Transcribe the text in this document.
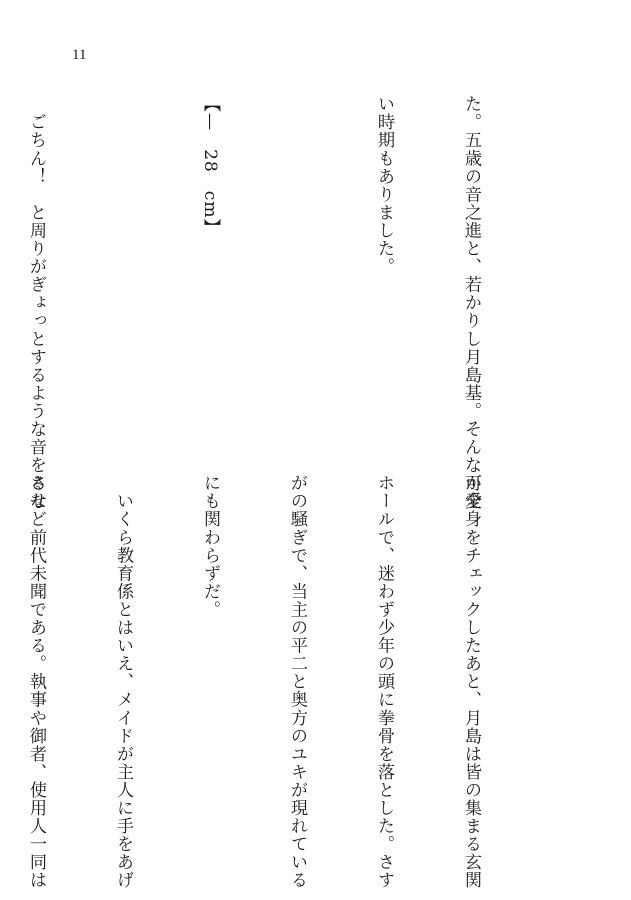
11

た。五歳の音之進と、若かりし月島基。そんな可愛

い時期もありました。

【—　28　cm】

　ごちん！　と周りがぎょっとするような音をさせ

か全身をチェックしたあと、月島は皆の集まる玄関

ホールで、迷わず少年の頭に拳骨を落とした。さす

がの騒ぎで、当主の平二と奥方のユキが現れている

にも関わらずだ。

　いくら教育係とはいえ、メイドが主人に手をあげ

るなど前代未聞である。執事や御者、使用人一同は
